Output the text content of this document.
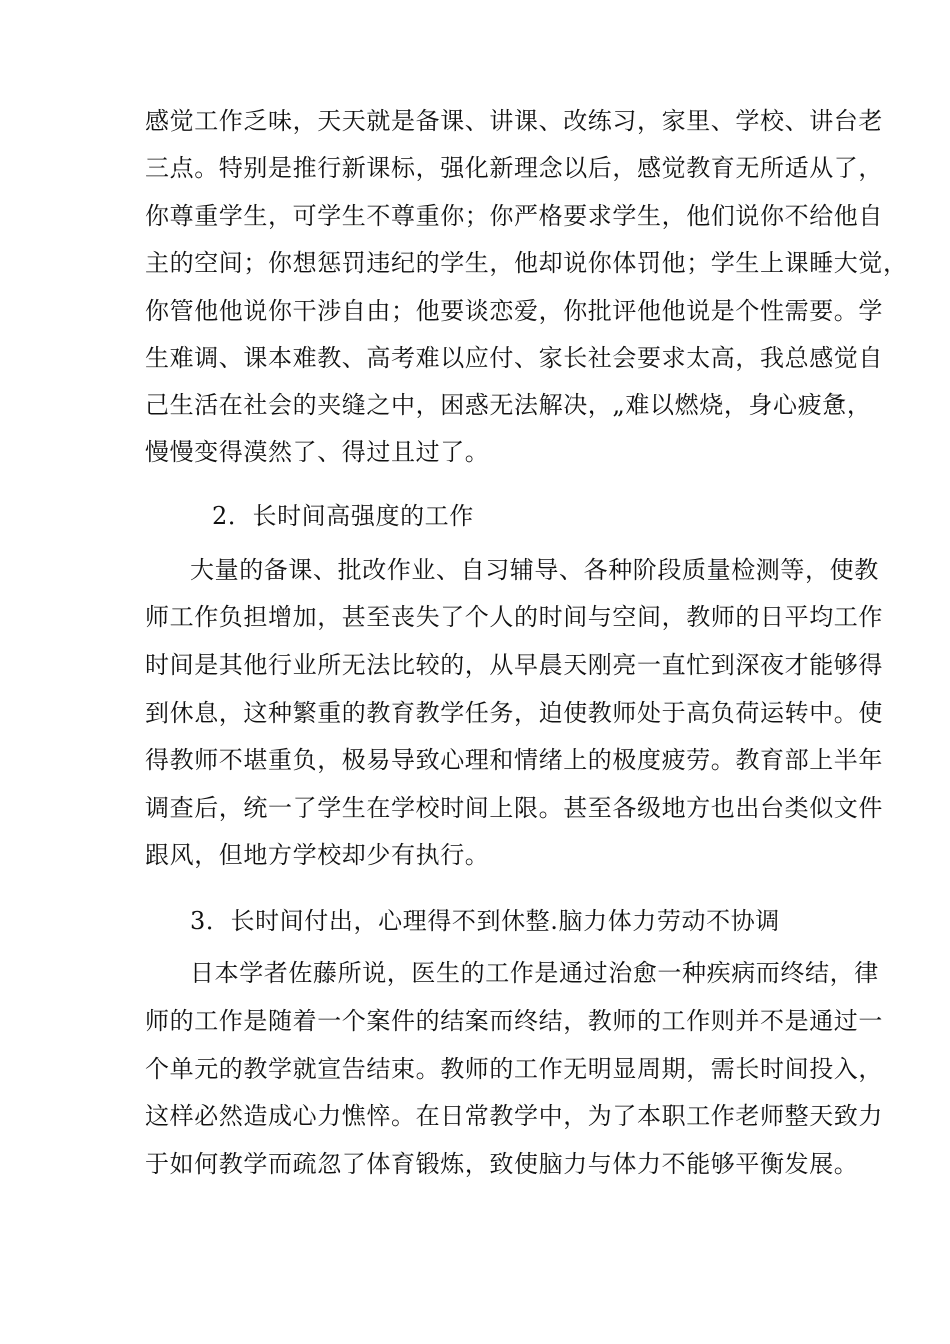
感觉工作乏味，天天就是备课、讲课、改练习，家里、学校、讲台老
三点。特别是推行新课标，强化新理念以后，感觉教育无所适从了，
你尊重学生，可学生不尊重你；你严格要求学生，他们说你不给他自
主的空间；你想惩罚违纪的学生，他却说你体罚他；学生上课睡大觉，
你管他他说你干涉自由；他要谈恋爱，你批评他他说是个性需要。学
生难调、课本难教、高考难以应付、家长社会要求太高，我总感觉自
己生活在社会的夹缝之中，困惑无法解决，„难以燃烧，身心疲惫，
慢慢变得漠然了、得过且过了。
2．长时间高强度的工作
大量的备课、批改作业、自习辅导、各种阶段质量检测等，使教
师工作负担增加，甚至丧失了个人的时间与空间，教师的日平均工作
时间是其他行业所无法比较的，从早晨天刚亮一直忙到深夜才能够得
到休息，这种繁重的教育教学任务，迫使教师处于高负荷运转中。使
得教师不堪重负，极易导致心理和情绪上的极度疲劳。教育部上半年
调查后，统一了学生在学校时间上限。甚至各级地方也出台类似文件
跟风，但地方学校却少有执行。
3．长时间付出，心理得不到休整.脑力体力劳动不协调
日本学者佐藤所说，医生的工作是通过治愈一种疾病而终结，律
师的工作是随着一个案件的结案而终结，教师的工作则并不是通过一
个单元的教学就宣告结束。教师的工作无明显周期，需长时间投入，
这样必然造成心力憔悴。在日常教学中，为了本职工作老师整天致力
于如何教学而疏忽了体育锻炼，致使脑力与体力不能够平衡发展。
